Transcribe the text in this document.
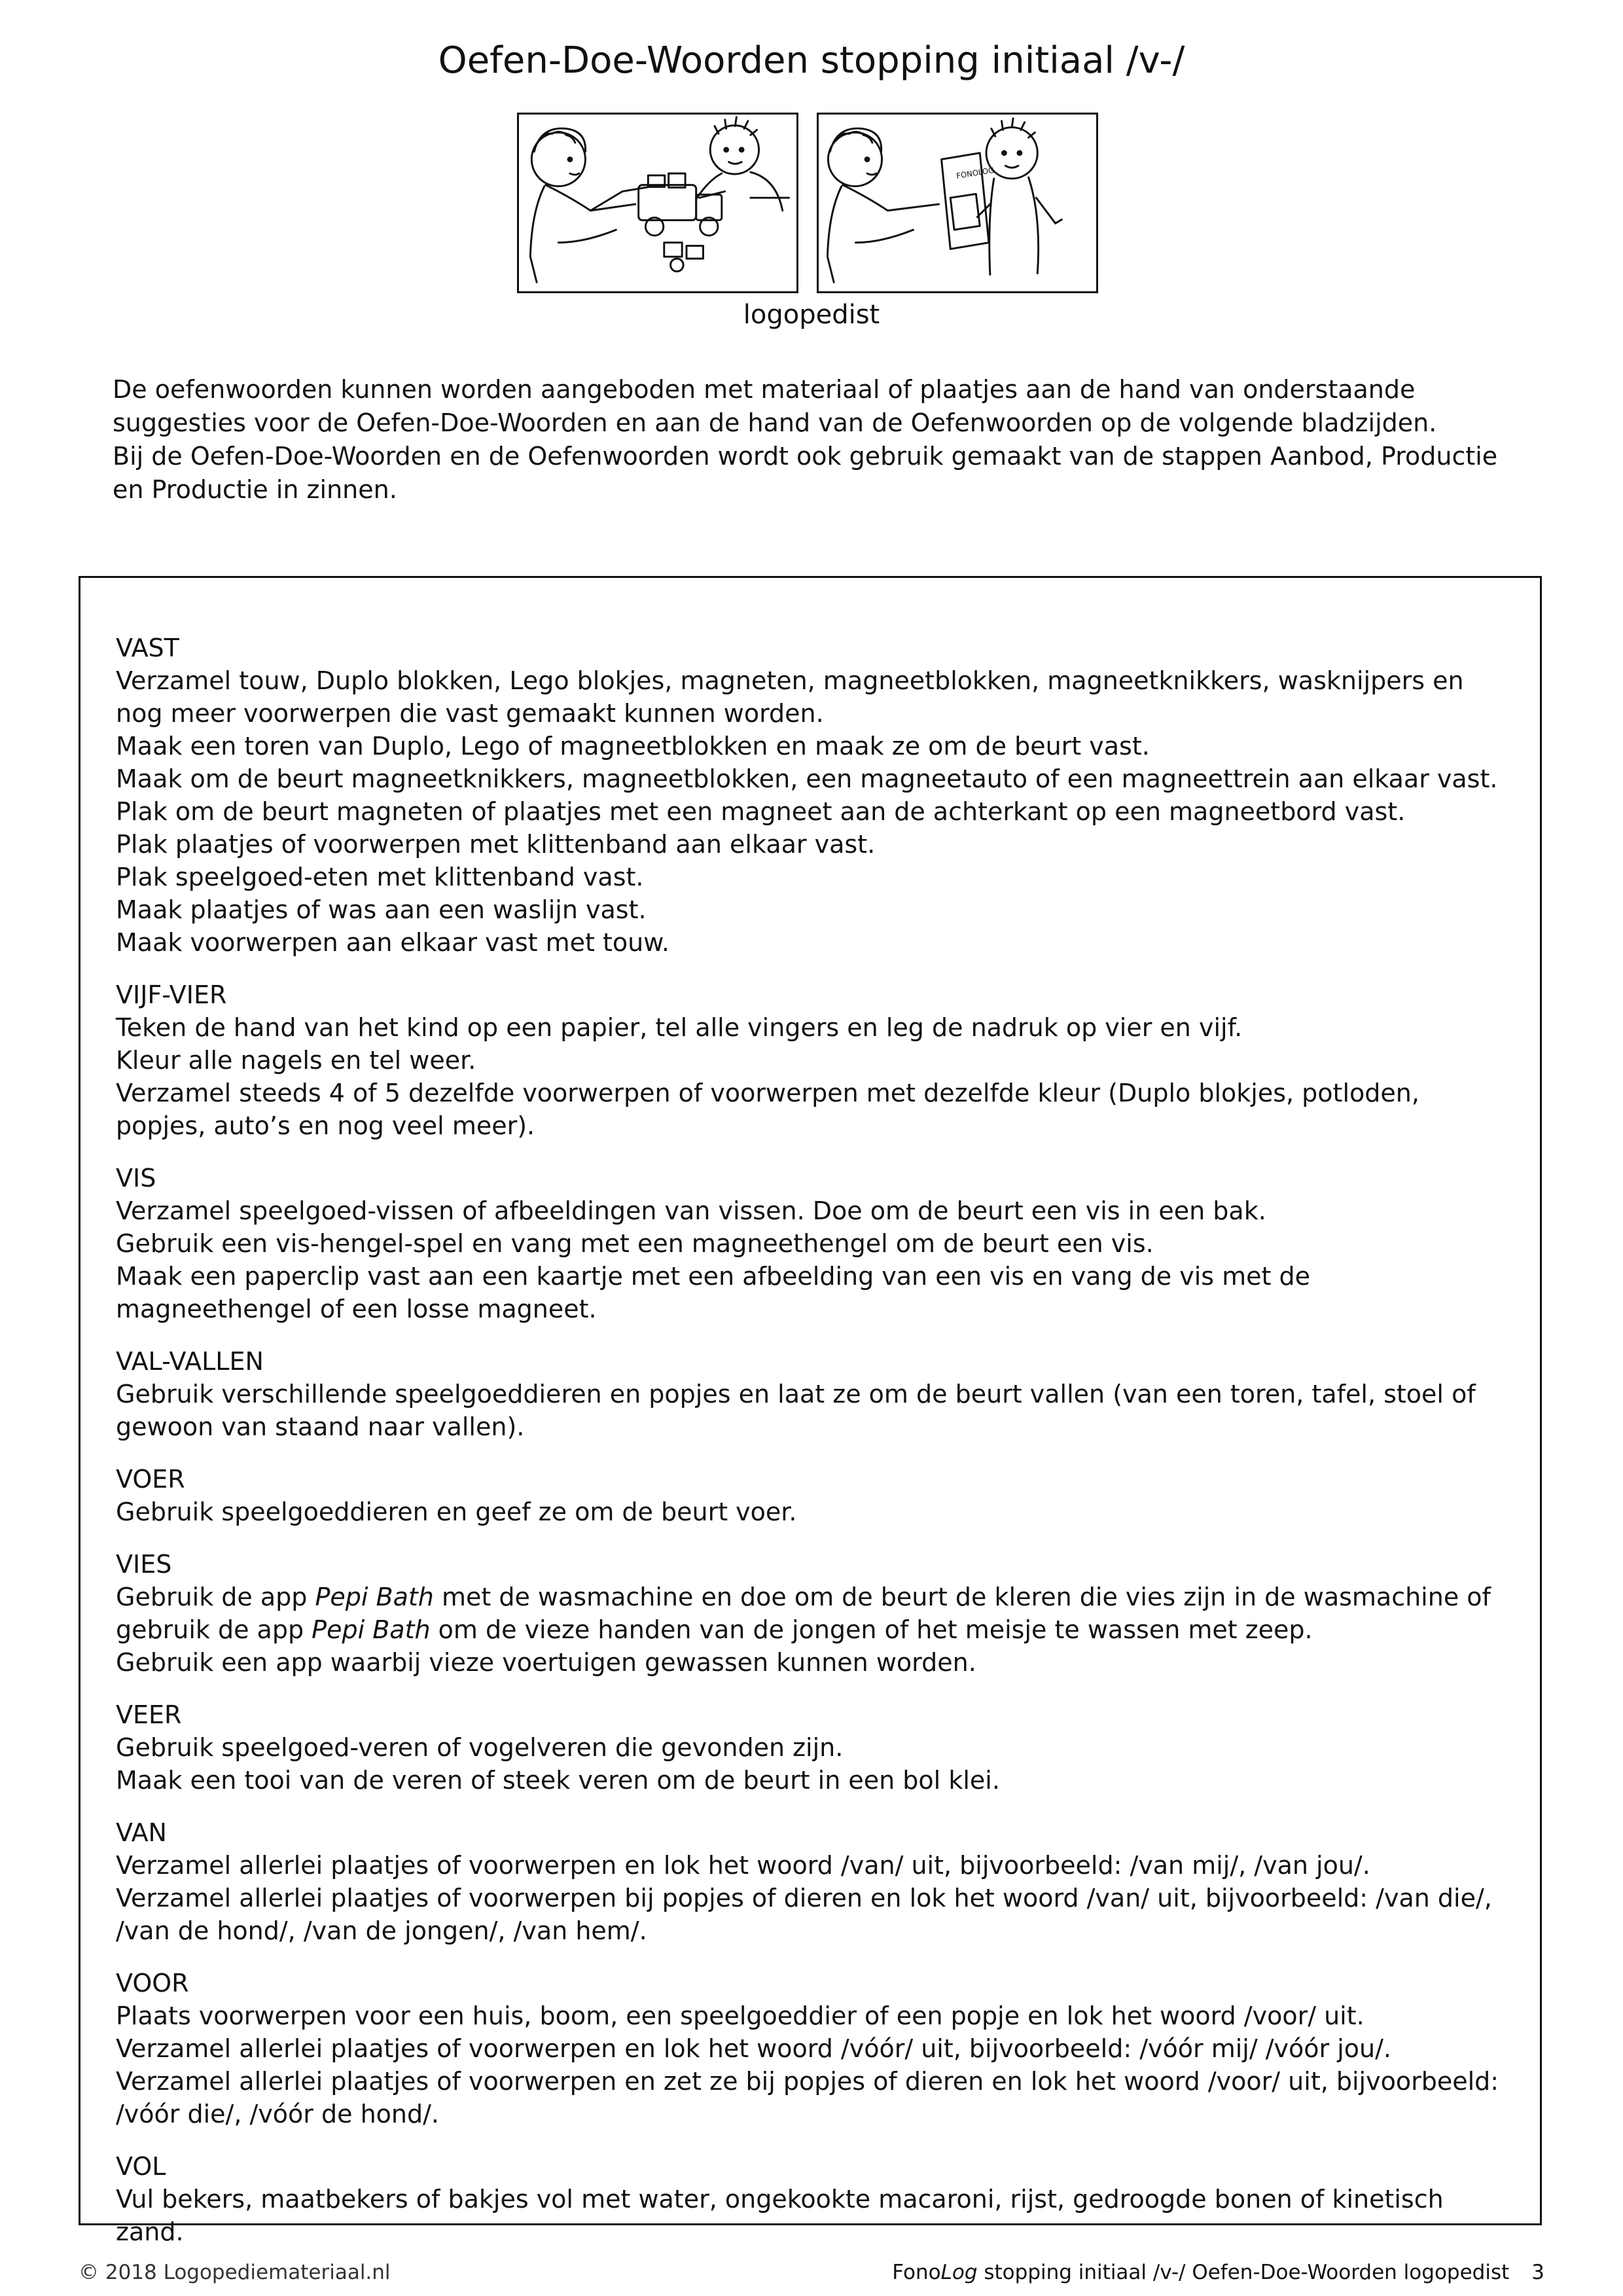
Oefen-Doe-Woorden stopping initiaal /v-/
FONOLOG
logopedist

De oefenwoorden kunnen worden aangeboden met materiaal of plaatjes aan de hand van onderstaande suggesties voor de Oefen-Doe-Woorden en aan de hand van de Oefenwoorden op de volgende bladzijden.

Bij de Oefen-Doe-Woorden en de Oefenwoorden wordt ook gebruik gemaakt van de stappen Aanbod, Productie en Productie in zinnen.

VAST

Verzamel touw, Duplo blokken, Lego blokjes, magneten, magneetblokken, magneetknikkers, wasknijpers en nog meer voorwerpen die vast gemaakt kunnen worden.

Maak een toren van Duplo, Lego of magneetblokken en maak ze om de beurt vast.

Maak om de beurt magneetknikkers, magneetblokken, een magneetauto of een magneettrein aan elkaar vast.

Plak om de beurt magneten of plaatjes met een magneet aan de achterkant op een magneetbord vast.

Plak plaatjes of voorwerpen met klittenband aan elkaar vast.

Plak speelgoed-eten met klittenband vast.

Maak plaatjes of was aan een waslijn vast.

Maak voorwerpen aan elkaar vast met touw.

VIJF-VIER

Teken de hand van het kind op een papier, tel alle vingers en leg de nadruk op vier en vijf.

Kleur alle nagels en tel weer.

Verzamel steeds 4 of 5 dezelfde voorwerpen of voorwerpen met dezelfde kleur (Duplo blokjes, potloden, popjes, auto’s en nog veel meer).

VIS

Verzamel speelgoed-vissen of afbeeldingen van vissen. Doe om de beurt een vis in een bak.

Gebruik een vis-hengel-spel en vang met een magneethengel om de beurt een vis.

Maak een paperclip vast aan een kaartje met een afbeelding van een vis en vang de vis met de magneethengel of een losse magneet.

VAL-VALLEN

Gebruik verschillende speelgoeddieren en popjes en laat ze om de beurt vallen (van een toren, tafel, stoel of gewoon van staand naar vallen).

VOER

Gebruik speelgoeddieren en geef ze om de beurt voer.

VIES

Gebruik de app Pepi Bath met de wasmachine en doe om de beurt de kleren die vies zijn in de wasmachine of gebruik de app Pepi Bath om de vieze handen van de jongen of het meisje te wassen met zeep.

Gebruik een app waarbij vieze voertuigen gewassen kunnen worden.

VEER

Gebruik speelgoed-veren of vogelveren die gevonden zijn.

Maak een tooi van de veren of steek veren om de beurt in een bol klei.

VAN

Verzamel allerlei plaatjes of voorwerpen en lok het woord /van/ uit, bijvoorbeeld: /van mij/, /van jou/.

Verzamel allerlei plaatjes of voorwerpen bij popjes of dieren en lok het woord /van/ uit, bijvoorbeeld: /van die/, /van de hond/, /van de jongen/, /van hem/.

VOOR

Plaats voorwerpen voor een huis, boom, een speelgoeddier of een popje en lok het woord /voor/ uit.

Verzamel allerlei plaatjes of voorwerpen en lok het woord /vóór/ uit, bijvoorbeeld: /vóór mij/ /vóór jou/.

Verzamel allerlei plaatjes of voorwerpen en zet ze bij popjes of dieren en lok het woord /voor/ uit, bijvoorbeeld: /vóór die/, /vóór de hond/.

VOL

Vul bekers, maatbekers of bakjes vol met water, ongekookte macaroni, rijst, gedroogde bonen of kinetisch zand.

© 2018 Logopediemateriaal.nl	FonoLog stopping initiaal /v-/ Oefen-Doe-Woorden logopedist 3
